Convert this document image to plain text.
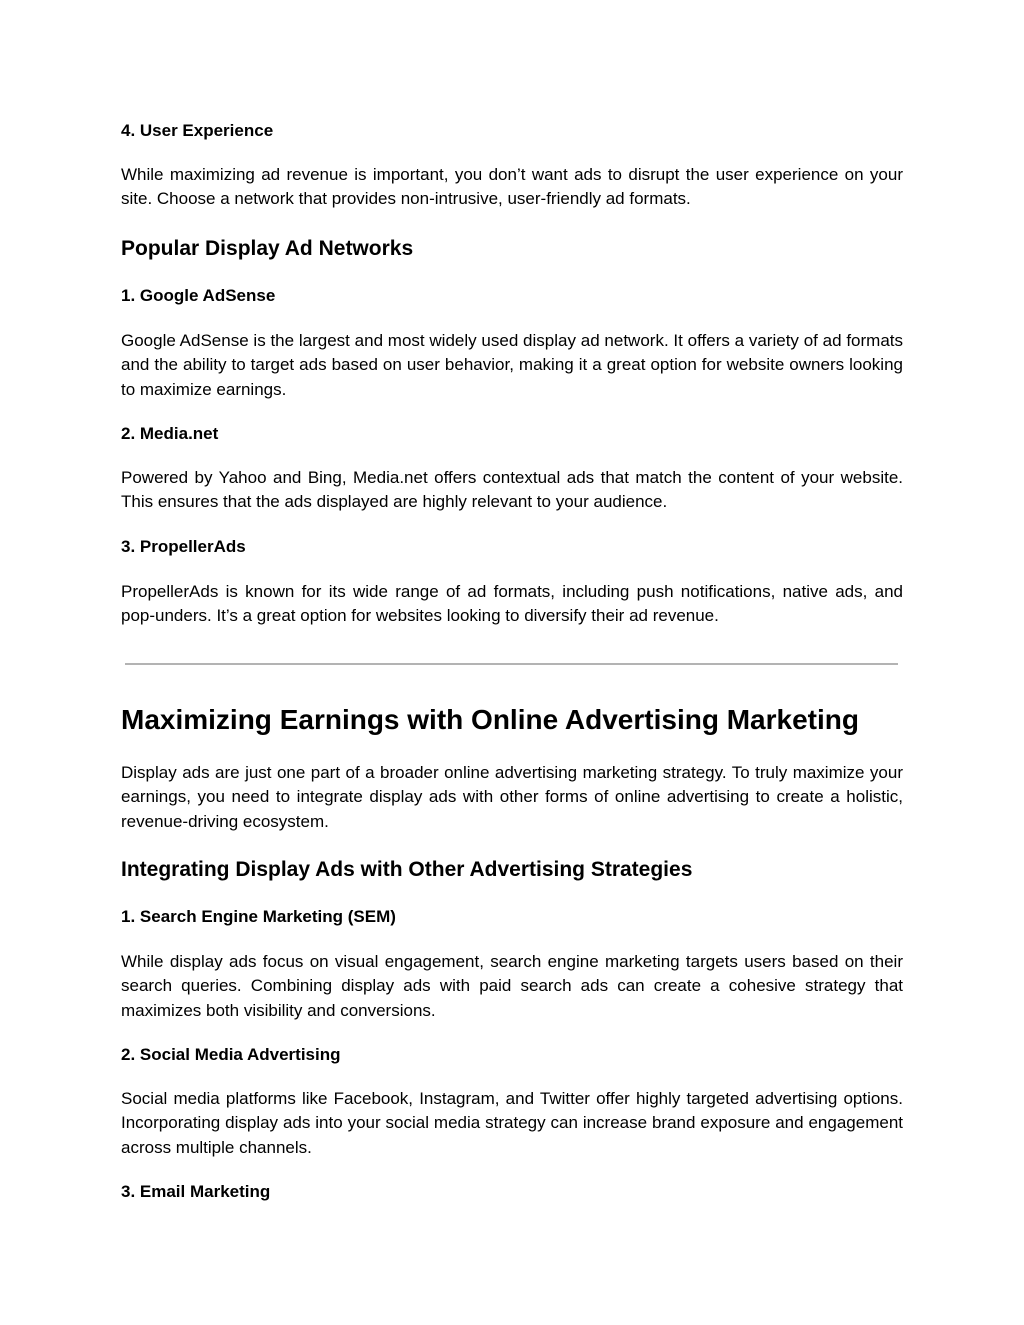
4. User Experience

While maximizing ad revenue is important, you don’t want ads to disrupt the user experience on your site. Choose a network that provides non-intrusive, user-friendly ad formats.

Popular Display Ad Networks
1. Google AdSense

Google AdSense is the largest and most widely used display ad network. It offers a variety of ad formats and the ability to target ads based on user behavior, making it a great option for website owners looking to maximize earnings.

2. Media.net

Powered by Yahoo and Bing, Media.net offers contextual ads that match the content of your website. This ensures that the ads displayed are highly relevant to your audience.

3. PropellerAds

PropellerAds is known for its wide range of ad formats, including push notifications, native ads, and pop-unders. It’s a great option for websites looking to diversify their ad revenue.

Maximizing Earnings with Online Advertising Marketing

Display ads are just one part of a broader online advertising marketing strategy. To truly maximize your earnings, you need to integrate display ads with other forms of online advertising to create a holistic, revenue-driving ecosystem.

Integrating Display Ads with Other Advertising Strategies
1. Search Engine Marketing (SEM)

While display ads focus on visual engagement, search engine marketing targets users based on their search queries. Combining display ads with paid search ads can create a cohesive strategy that maximizes both visibility and conversions.

2. Social Media Advertising

Social media platforms like Facebook, Instagram, and Twitter offer highly targeted advertising options. Incorporating display ads into your social media strategy can increase brand exposure and engagement across multiple channels.

3. Email Marketing
